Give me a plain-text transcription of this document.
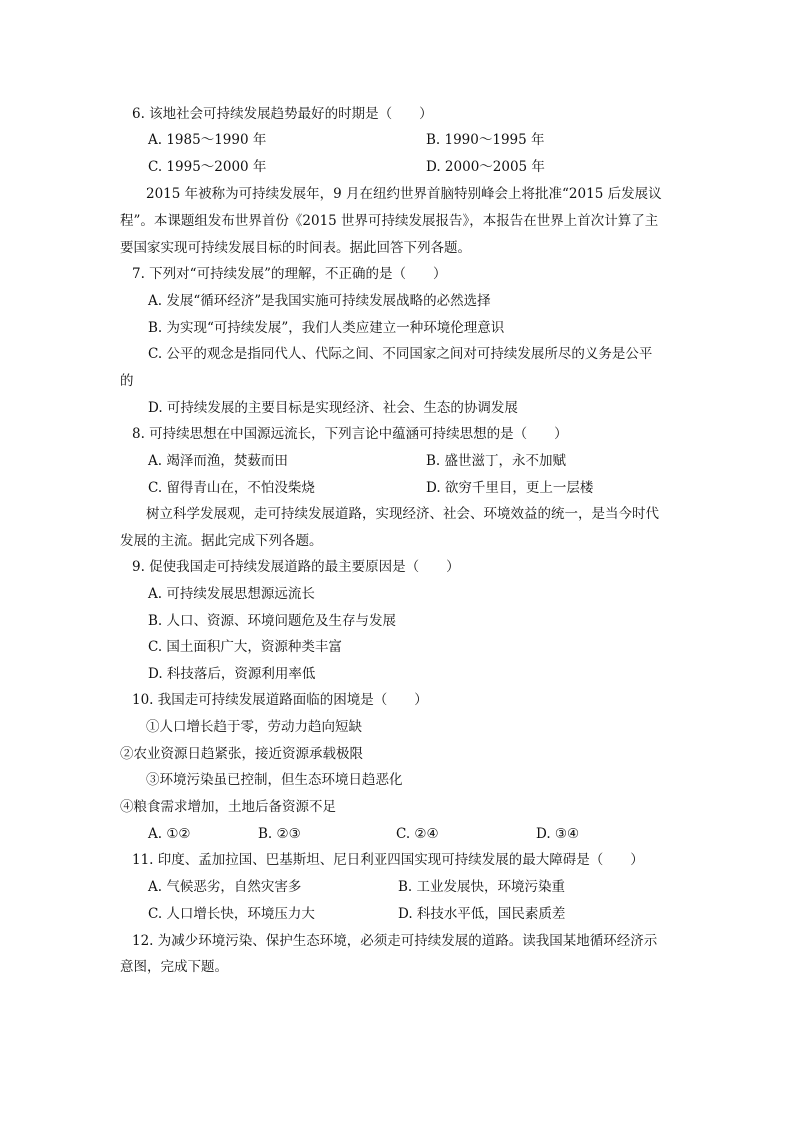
6. 该地社会可持续发展趋势最好的时期是（　　）
A. 1985～1990 年	B. 1990～1995 年
C. 1995～2000 年	D. 2000～2005 年
2015 年被称为可持续发展年，9 月在纽约世界首脑特别峰会上将批准“2015 后发展议
程”。本课题组发布世界首份《2015 世界可持续发展报告》，本报告在世界上首次计算了主
要国家实现可持续发展目标的时间表。据此回答下列各题。
7. 下列对“可持续发展”的理解，不正确的是（　　）
A. 发展“循环经济”是我国实施可持续发展战略的必然选择
B. 为实现“可持续发展”，我们人类应建立一种环境伦理意识
C. 公平的观念是指同代人、代际之间、不同国家之间对可持续发展所尽的义务是公平
的
D. 可持续发展的主要目标是实现经济、社会、生态的协调发展
8. 可持续思想在中国源远流长，下列言论中蕴涵可持续思想的是（　　）
A. 竭泽而渔，焚薮而田	B. 盛世滋丁，永不加赋
C. 留得青山在，不怕没柴烧	D. 欲穷千里目，更上一层楼
树立科学发展观，走可持续发展道路，实现经济、社会、环境效益的统一，是当今时代
发展的主流。据此完成下列各题。
9. 促使我国走可持续发展道路的最主要原因是（　　）
A. 可持续发展思想源远流长
B. 人口、资源、环境问题危及生存与发展
C. 国土面积广大，资源种类丰富
D. 科技落后，资源利用率低
10. 我国走可持续发展道路面临的困境是（　　）
①人口增长趋于零，劳动力趋向短缺
②农业资源日趋紧张，接近资源承载极限
③环境污染虽已控制，但生态环境日趋恶化
④粮食需求增加，土地后备资源不足
A. ①②	B. ②③	C. ②④	D. ③④
11. 印度、孟加拉国、巴基斯坦、尼日利亚四国实现可持续发展的最大障碍是（　　）
A. 气候恶劣，自然灾害多	B. 工业发展快，环境污染重
C. 人口增长快，环境压力大	D. 科技水平低，国民素质差
12. 为减少环境污染、保护生态环境，必须走可持续发展的道路。读我国某地循环经济示
意图，完成下题。
